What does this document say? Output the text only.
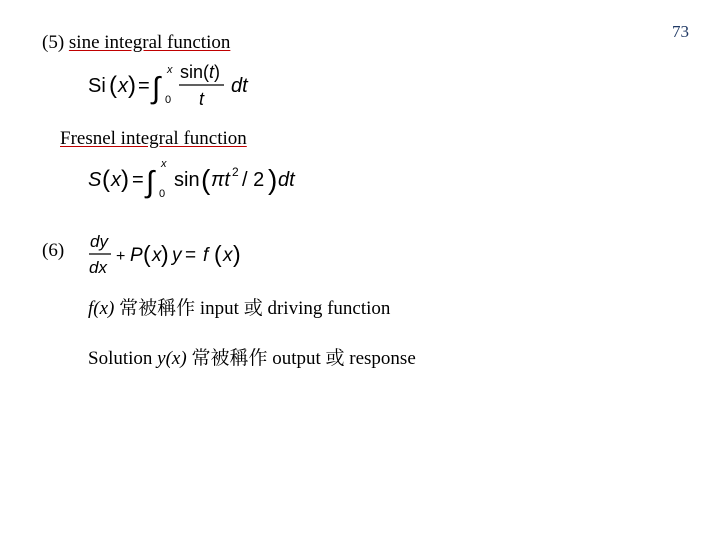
73
(5) sine integral function
Si ( x ) = ∫
x
0
sin(t)
t
dt
Fresnel integral function
S ( x ) = ∫
x
0
sin ( πt 2 / 2 ) dt
(6) dy
dx
+ P ( x ) y = f ( x )
f(x) 常被稱作 input 或 driving function
Solution y(x) 常被稱作 output 或 response
